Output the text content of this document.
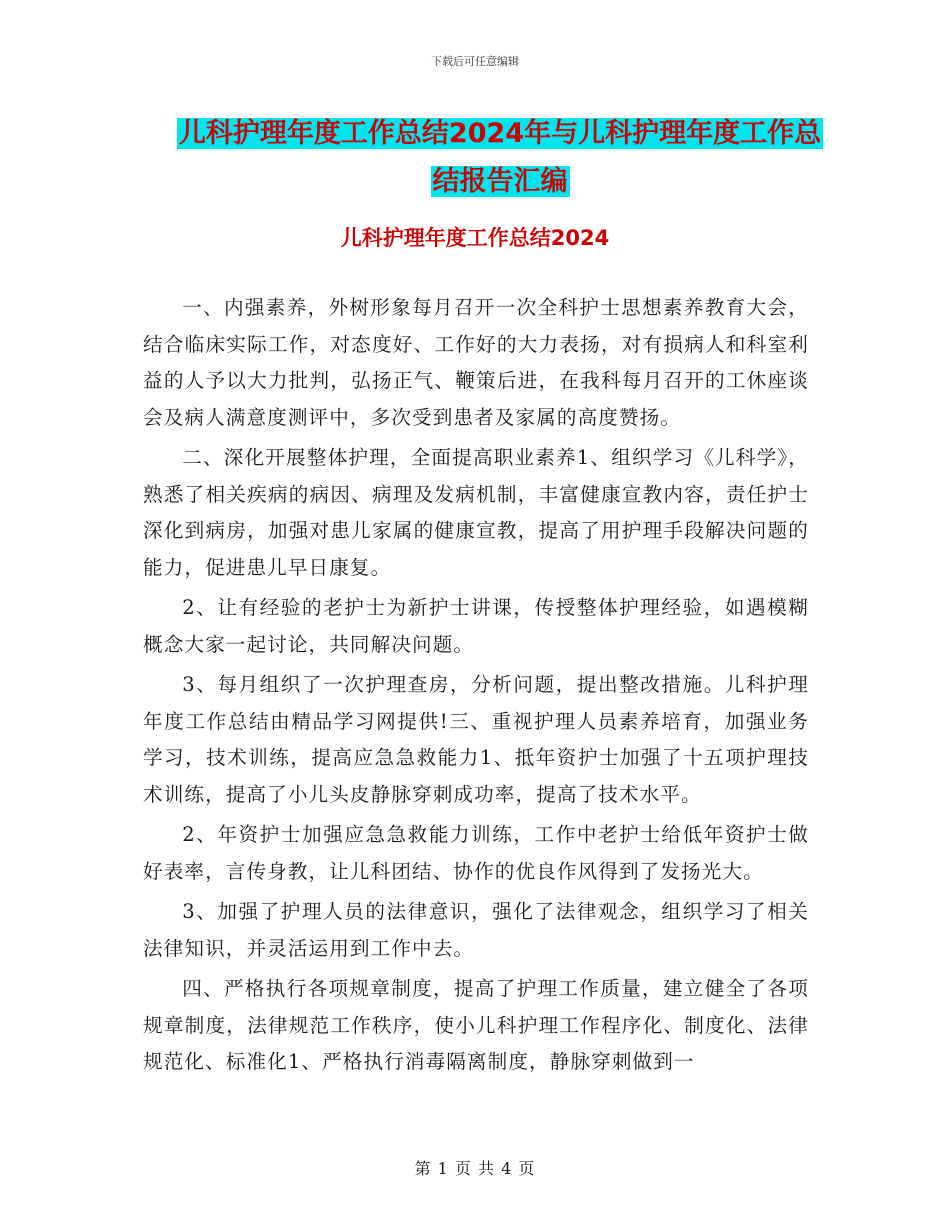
下载后可任意编辑
儿科护理年度工作总结2024年与儿科护理年度工作总
结报告汇编
儿科护理年度工作总结2024

一、内强素养，外树形象每月召开一次全科护士思想素养教育大会，结合临床实际工作，对态度好、工作好的大力表扬，对有损病人和科室利益的人予以大力批判，弘扬正气、鞭策后进，在我科每月召开的工休座谈会及病人满意度测评中，多次受到患者及家属的高度赞扬。

二、深化开展整体护理，全面提高职业素养1、组织学习《儿科学》，熟悉了相关疾病的病因、病理及发病机制，丰富健康宣教内容，责任护士深化到病房，加强对患儿家属的健康宣教，提高了用护理手段解决问题的能力，促进患儿早日康复。

2、让有经验的老护士为新护士讲课，传授整体护理经验，如遇模糊概念大家一起讨论，共同解决问题。

3、每月组织了一次护理查房，分析问题，提出整改措施。儿科护理年度工作总结由精品学习网提供!三、重视护理人员素养培育，加强业务学习，技术训练，提高应急急救能力1、抵年资护士加强了十五项护理技术训练，提高了小儿头皮静脉穿刺成功率，提高了技术水平。

2、年资护士加强应急急救能力训练，工作中老护士给低年资护士做好表率，言传身教，让儿科团结、协作的优良作风得到了发扬光大。

3、加强了护理人员的法律意识，强化了法律观念，组织学习了相关法律知识，并灵活运用到工作中去。

四、严格执行各项规章制度，提高了护理工作质量，建立健全了各项规章制度，法律规范工作秩序，使小儿科护理工作程序化、制度化、法律规范化、标准化1、严格执行消毒隔离制度，静脉穿刺做到一

第 1 页 共 4 页
